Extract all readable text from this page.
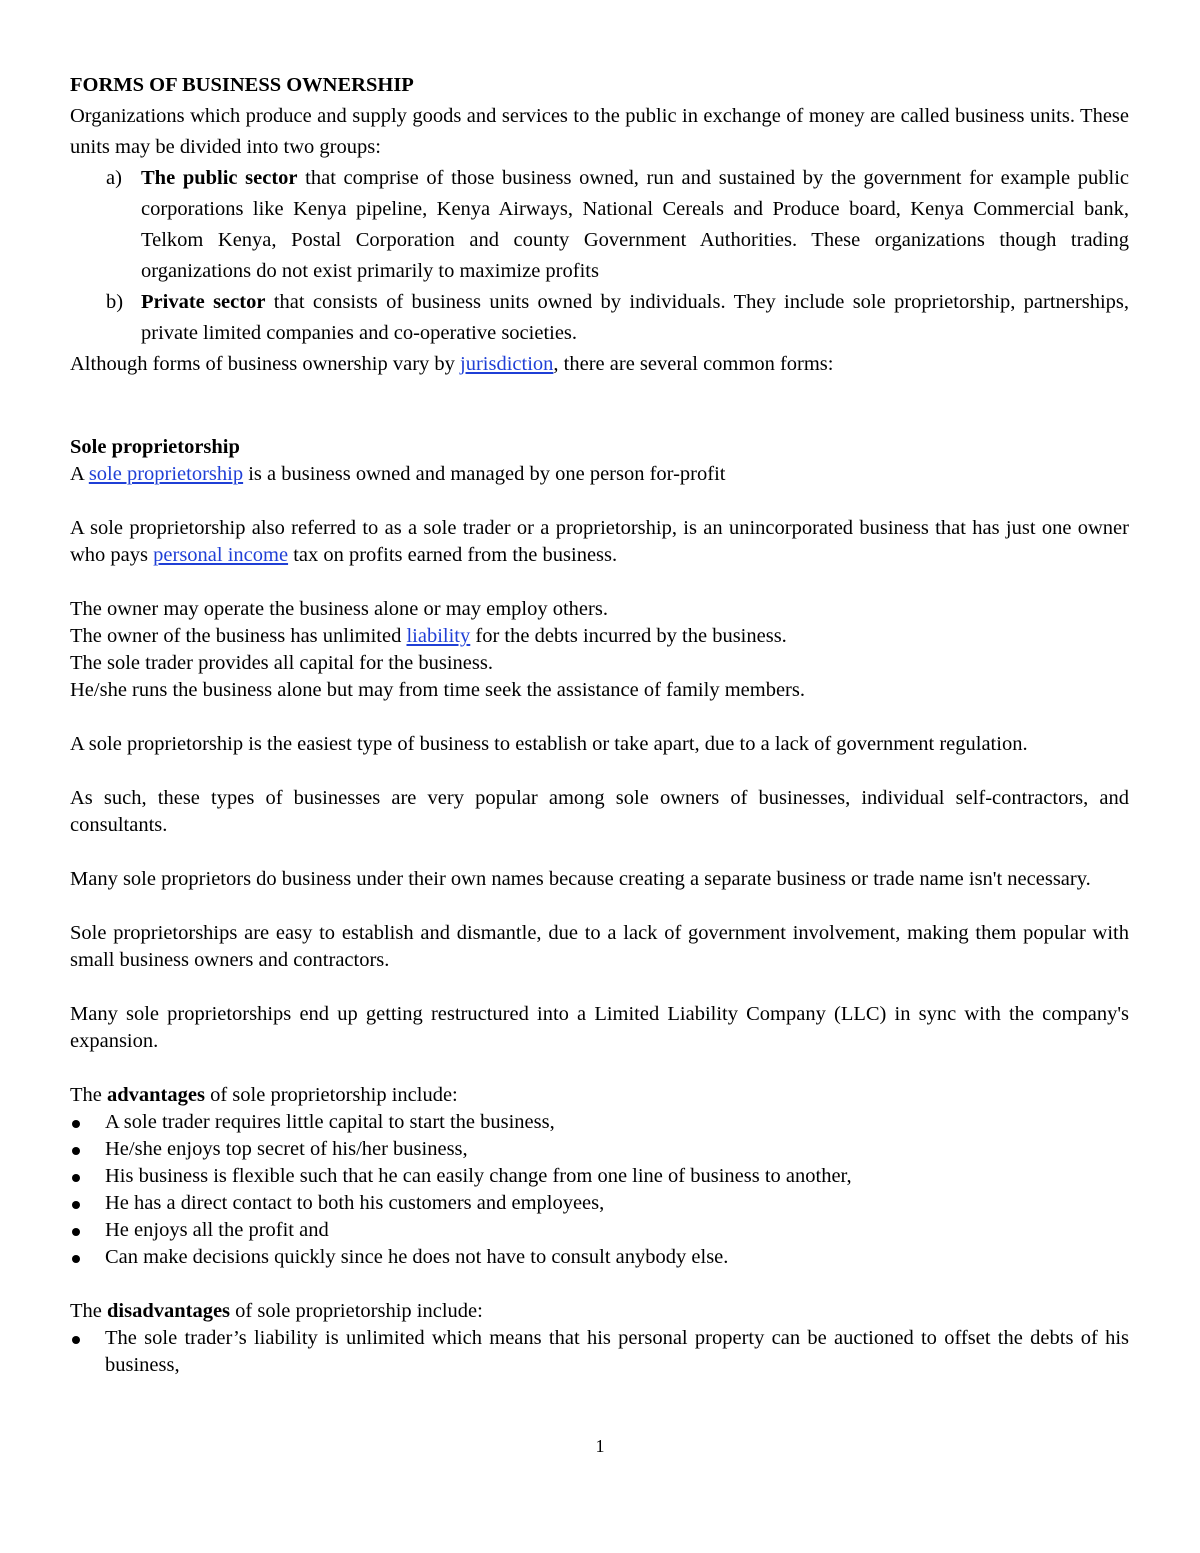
FORMS OF BUSINESS OWNERSHIP

Organizations which produce and supply goods and services to the public in exchange of money are called business units. These units may be divided into two groups:

a) The public sector that comprise of those business owned, run and sustained by the government for example public corporations like Kenya pipeline, Kenya Airways, National Cereals and Produce board, Kenya Commercial bank, Telkom Kenya, Postal Corporation and county Government Authorities. These organizations though trading organizations do not exist primarily to maximize profits
b) Private sector that consists of business units owned by individuals. They include sole proprietorship, partnerships, private limited companies and co-operative societies.

Although forms of business ownership vary by jurisdiction, there are several common forms:

Sole proprietorship

A sole proprietorship is a business owned and managed by one person for-profit

A sole proprietorship also referred to as a sole trader or a proprietorship, is an unincorporated business that has just one owner who pays personal income tax on profits earned from the business.

The owner may operate the business alone or may employ others.

The owner of the business has unlimited liability for the debts incurred by the business.

The sole trader provides all capital for the business.

He/she runs the business alone but may from time seek the assistance of family members.

A sole proprietorship is the easiest type of business to establish or take apart, due to a lack of government regulation.

As such, these types of businesses are very popular among sole owners of businesses, individual self-contractors, and consultants.

Many sole proprietors do business under their own names because creating a separate business or trade name isn't necessary.

Sole proprietorships are easy to establish and dismantle, due to a lack of government involvement, making them popular with small business owners and contractors.

Many sole proprietorships end up getting restructured into a Limited Liability Company (LLC) in sync with the company's expansion.

The advantages of sole proprietorship include:

A sole trader requires little capital to start the business,
He/she enjoys top secret of his/her business,
His business is flexible such that he can easily change from one line of business to another,
He has a direct contact to both his customers and employees,
He enjoys all the profit and
Can make decisions quickly since he does not have to consult anybody else.

The disadvantages of sole proprietorship include:

The sole trader’s liability is unlimited which means that his personal property can be auctioned to offset the debts of his business,
1
